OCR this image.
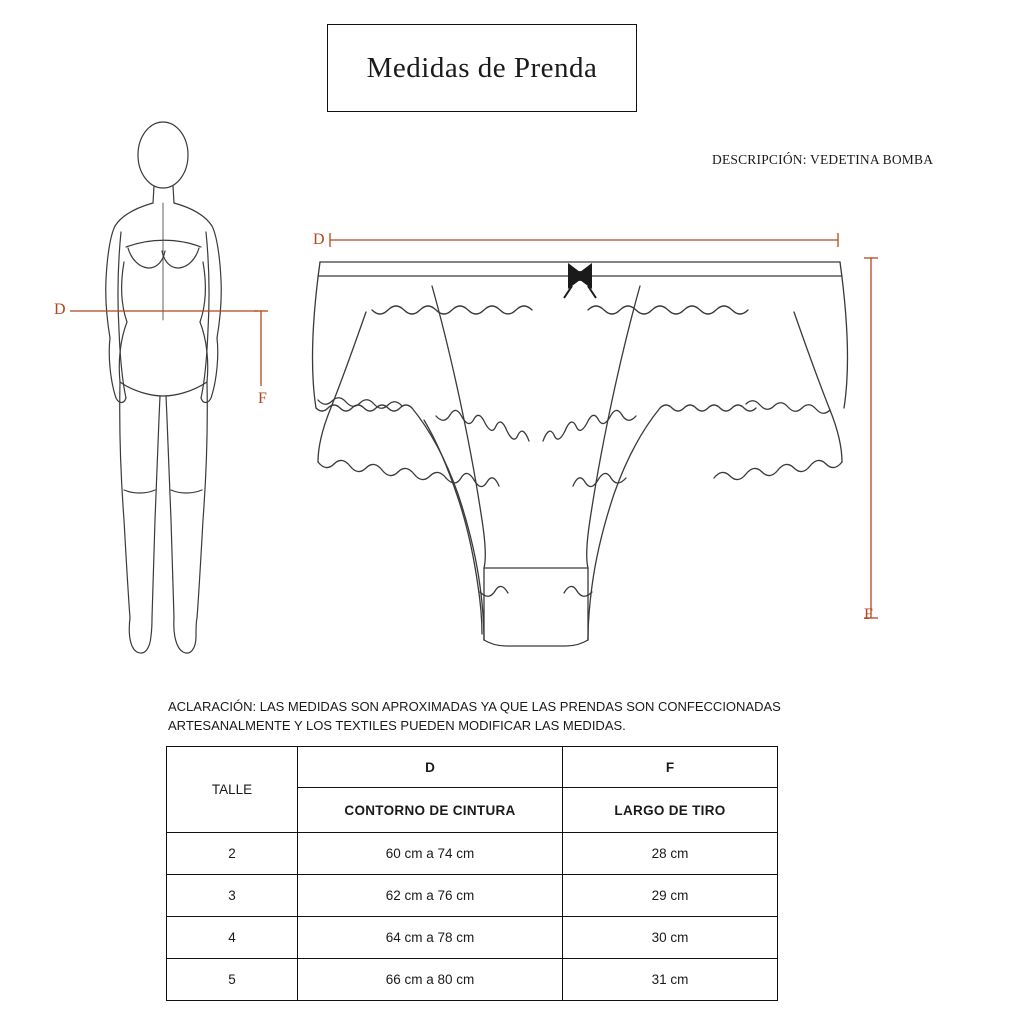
Medidas de Prenda
DESCRIPCIÓN: VEDETINA BOMBA
D
F
D
F
ACLARACIÓN: LAS MEDIDAS SON APROXIMADAS YA QUE LAS PRENDAS SON CONFECCIONADAS ARTESANALMENTE Y LOS TEXTILES PUEDEN MODIFICAR LAS MEDIDAS.
TALLE	D	F
	CONTORNO DE CINTURA	LARGO DE TIRO
2	60 cm a 74 cm	28 cm
3	62 cm a 76 cm	29 cm
4	64 cm a 78 cm	30 cm
5	66 cm a 80 cm	31 cm
